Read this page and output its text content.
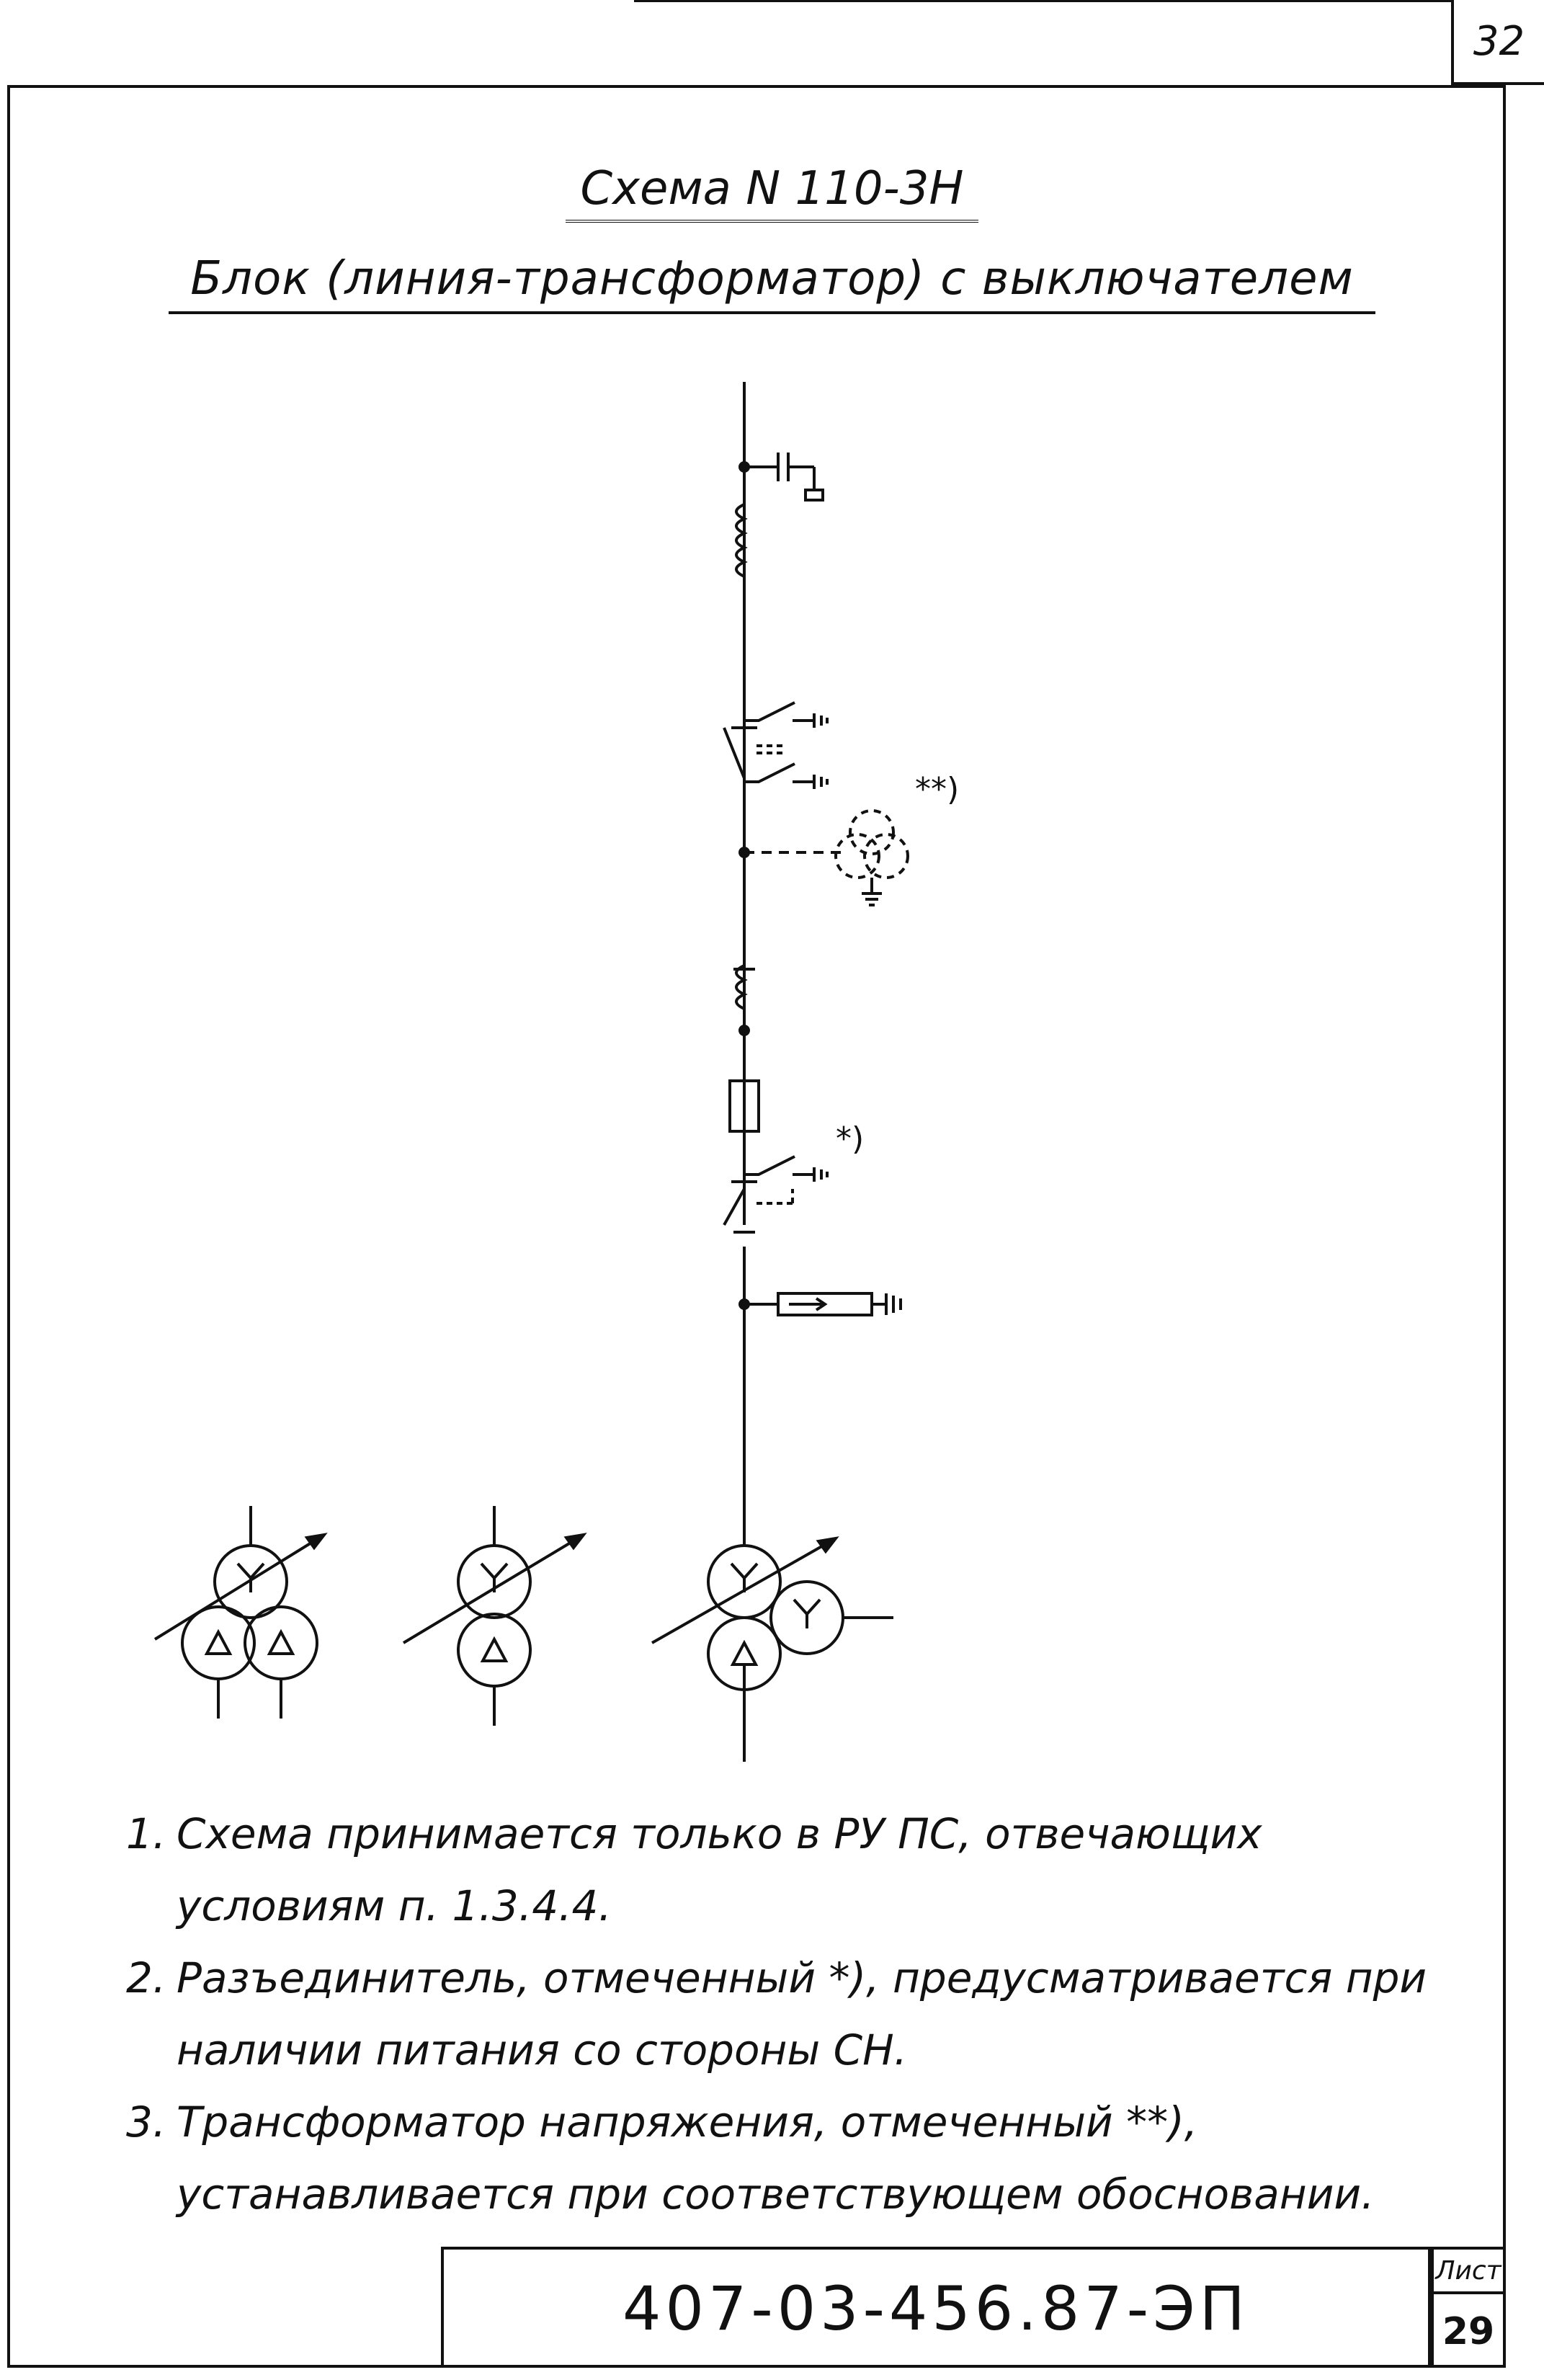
32
Схема N 110-3Н
Блок (линия-трансформатор) с выключателем
**)
*)
1. Схема принимается только в РУ ПС, отвечающих условиям п. 1.3.4.4.
2. Разъединитель, отмеченный *), предусматривается при наличии питания со стороны СН.
3. Трансформатор напряжения, отмеченный **), устанавливается при соответствующем обосновании.
407-03-456.87-ЭП
Лист
29
